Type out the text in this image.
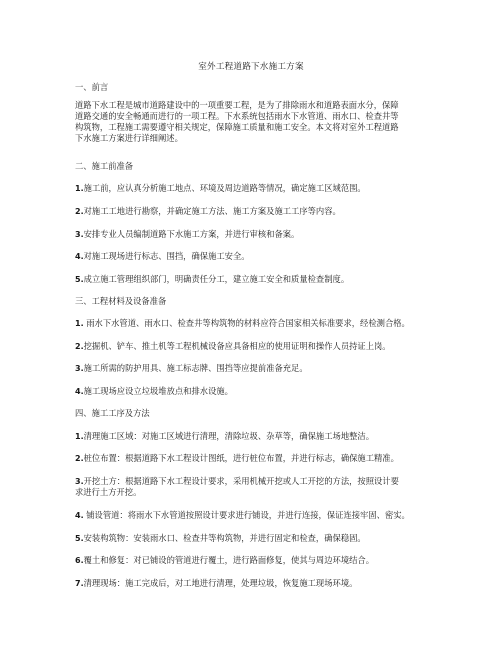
室外工程道路下水施工方案
一、前言
道路下水工程是城市道路建设中的一项重要工程，是为了排除雨水和道路表面水分，保障
道路交通的安全畅通而进行的一项工程。下水系统包括雨水下水管道、雨水口、检查井等
构筑物，工程施工需要遵守相关规定，保障施工质量和施工安全。本文将对室外工程道路
下水施工方案进行详细阐述。
二、施工前准备
1.施工前，应认真分析施工地点、环境及周边道路等情况，确定施工区域范围。
2.对施工工地进行勘察，并确定施工方法、施工方案及施工工序等内容。
3.安排专业人员编制道路下水施工方案，并进行审核和备案。
4.对施工现场进行标志、围挡，确保施工安全。
5.成立施工管理组织部门，明确责任分工，建立施工安全和质量检查制度。
三、工程材料及设备准备
1. 雨水下水管道、雨水口、检查井等构筑物的材料应符合国家相关标准要求，经检测合格。
2.挖掘机、铲车、推土机等工程机械设备应具备相应的使用证明和操作人员持证上岗。
3.施工所需的防护用具、施工标志牌、围挡等应提前准备充足。
4.施工现场应设立垃圾堆放点和排水设施。
四、施工工序及方法
1.清理施工区域：对施工区域进行清理，清除垃圾、杂草等，确保施工场地整洁。
2.桩位布置：根据道路下水工程设计图纸，进行桩位布置，并进行标志，确保施工精准。
3.开挖土方：根据道路下水工程设计要求，采用机械开挖或人工开挖的方法，按照设计要
求进行土方开挖。
4. 铺设管道：将雨水下水管道按照设计要求进行铺设，并进行连接，保证连接牢固、密实。
5.安装构筑物：安装雨水口、检查井等构筑物，并进行固定和检查，确保稳固。
6.覆土和修复：对已铺设的管道进行覆土，进行路面修复，使其与周边环境结合。
7.清理现场：施工完成后，对工地进行清理，处理垃圾，恢复施工现场环境。
